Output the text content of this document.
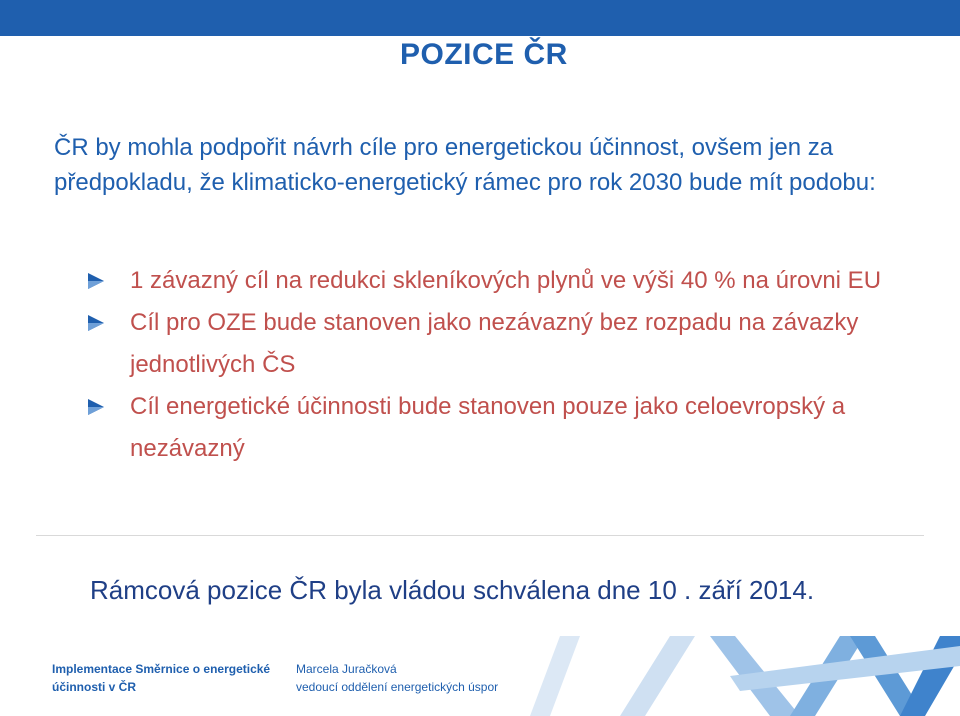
POZICE ČR
ČR by mohla podpořit návrh cíle pro energetickou účinnost, ovšem jen za předpokladu, že klimaticko-energetický rámec pro rok 2030 bude mít podobu:
1 závazný cíl na redukci skleníkových plynů ve výši 40 % na úrovni EU
Cíl pro OZE bude stanoven jako nezávazný bez rozpadu na závazky jednotlivých ČS
Cíl energetické účinnosti bude stanoven pouze jako celoevropský a nezávazný
Rámcová pozice ČR byla vládou schválena dne 10 . září 2014.
Implementace Směrnice o energetické
účinnosti v ČR
Marcela Juračková
vedoucí oddělení energetických úspor
